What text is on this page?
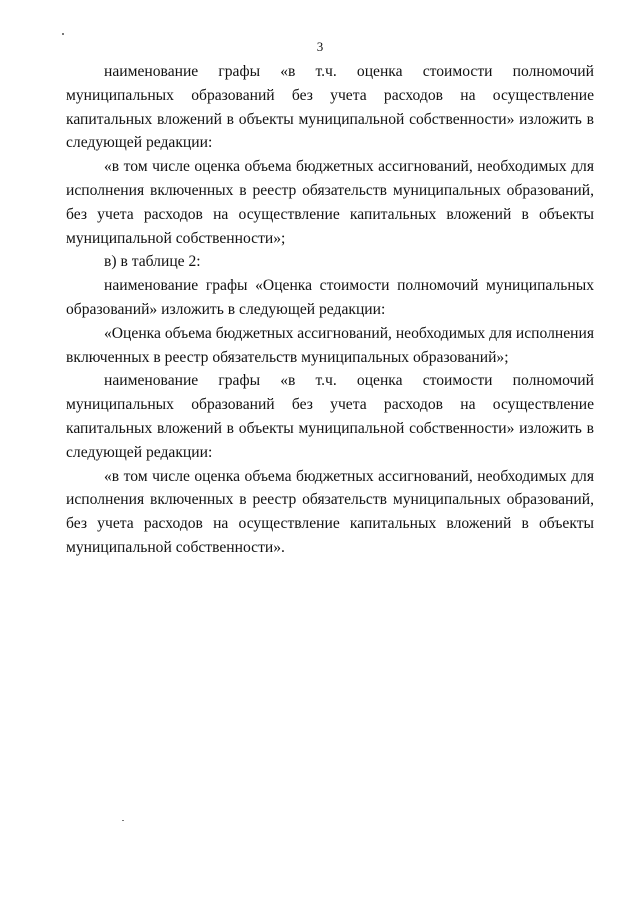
3

наименование графы «в т.ч. оценка стоимости полномочий муниципальных образований без учета расходов на осуществление капитальных вложений в объекты муниципальной собственности» изложить в следующей редакции:

«в том числе оценка объема бюджетных ассигнований, необходимых для исполнения включенных в реестр обязательств муниципальных образований, без учета расходов на осуществление капитальных вложений в объекты муниципальной собственности»;

в) в таблице 2:

наименование графы «Оценка стоимости полномочий муниципальных образований» изложить в следующей редакции:

«Оценка объема бюджетных ассигнований, необходимых для исполнения включенных в реестр обязательств муниципальных образований»;

наименование графы «в т.ч. оценка стоимости полномочий муниципальных образований без учета расходов на осуществление капитальных вложений в объекты муниципальной собственности» изложить в следующей редакции:

«в том числе оценка объема бюджетных ассигнований, необходимых для исполнения включенных в реестр обязательств муниципальных образований, без учета расходов на осуществление капитальных вложений в объекты муниципальной собственности».
